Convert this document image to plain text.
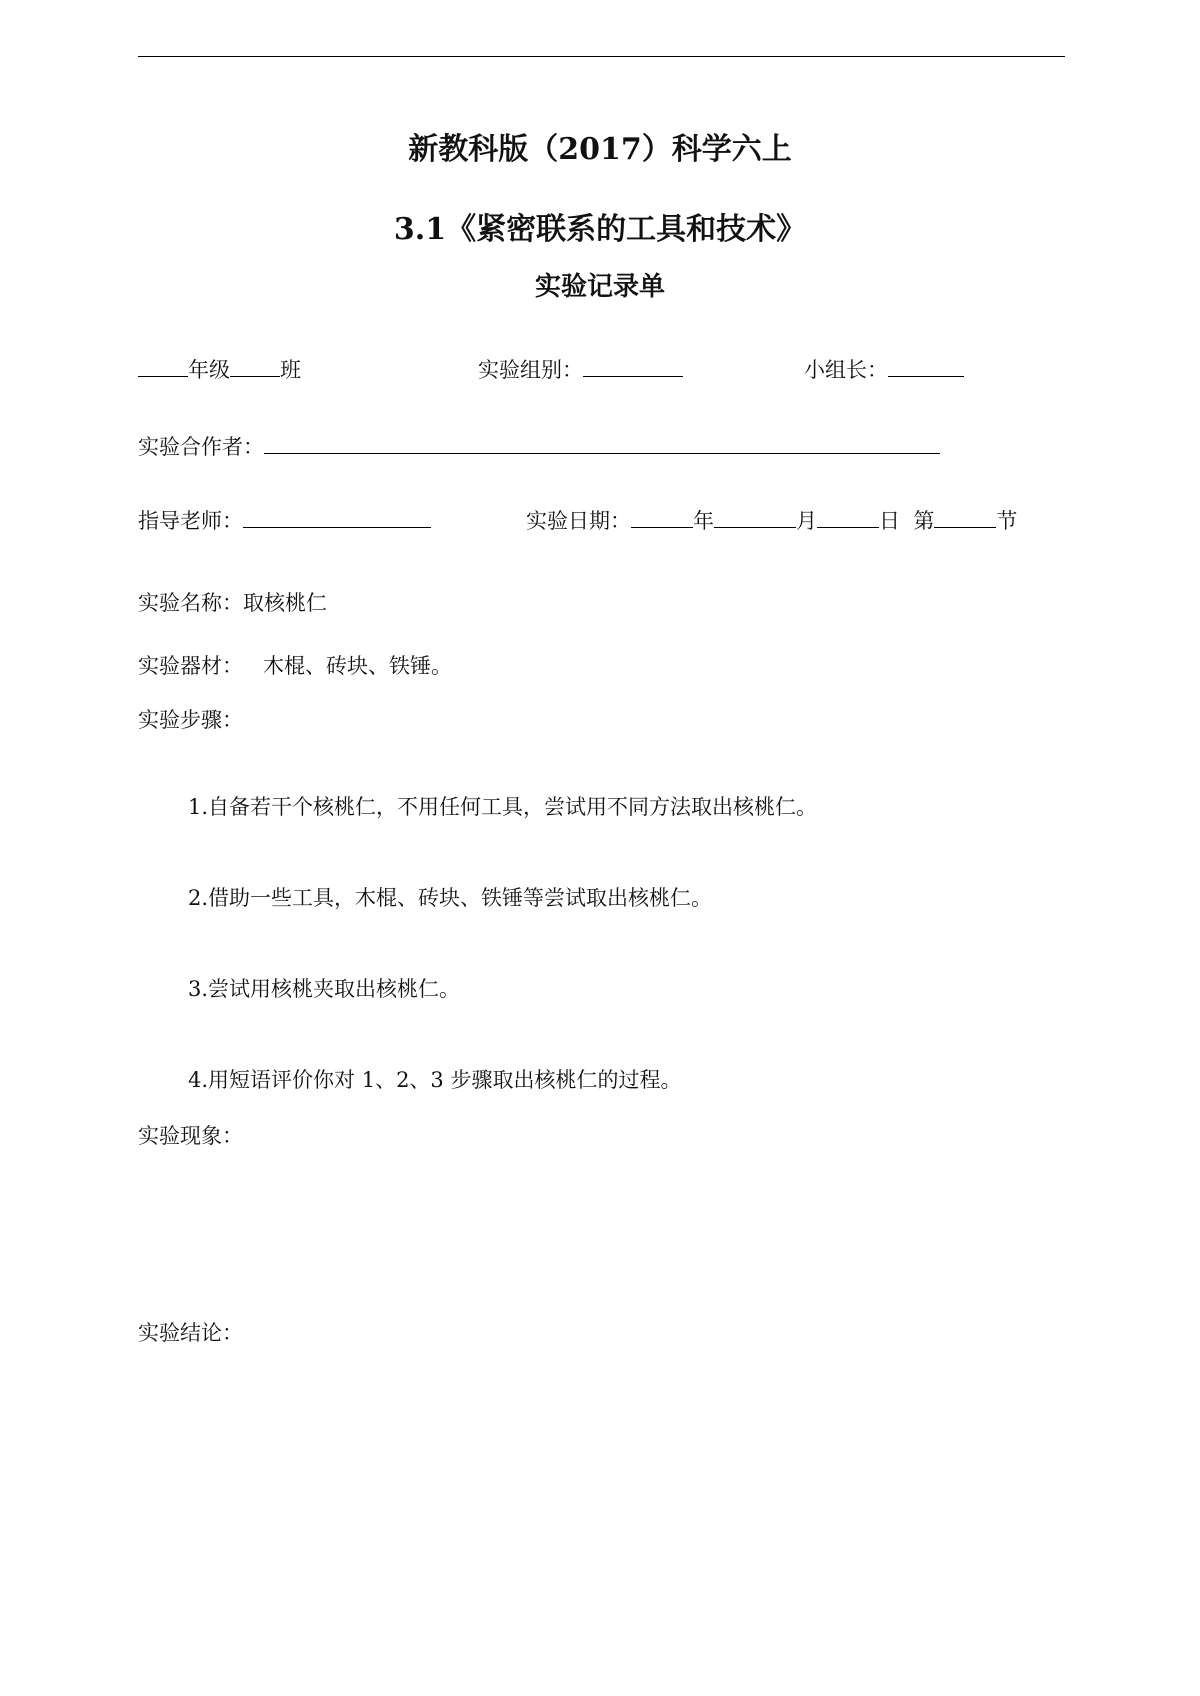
新教科版（2017）科学六上
3.1《紧密联系的工具和技术》
实验记录单
年级 班	实验组别：	小组长：
实验合作者：
指导老师：	实验日期：	年	月	日 第	节
实验名称：取核桃仁
实验器材： 木棍、砖块、铁锤。
实验步骤：
1.自备若干个核桃仁，不用任何工具，尝试用不同方法取出核桃仁。
2.借助一些工具，木棍、砖块、铁锤等尝试取出核桃仁。
3.尝试用核桃夹取出核桃仁。
4.用短语评价你对 1、2、3 步骤取出核桃仁的过程。
实验现象：
实验结论：
